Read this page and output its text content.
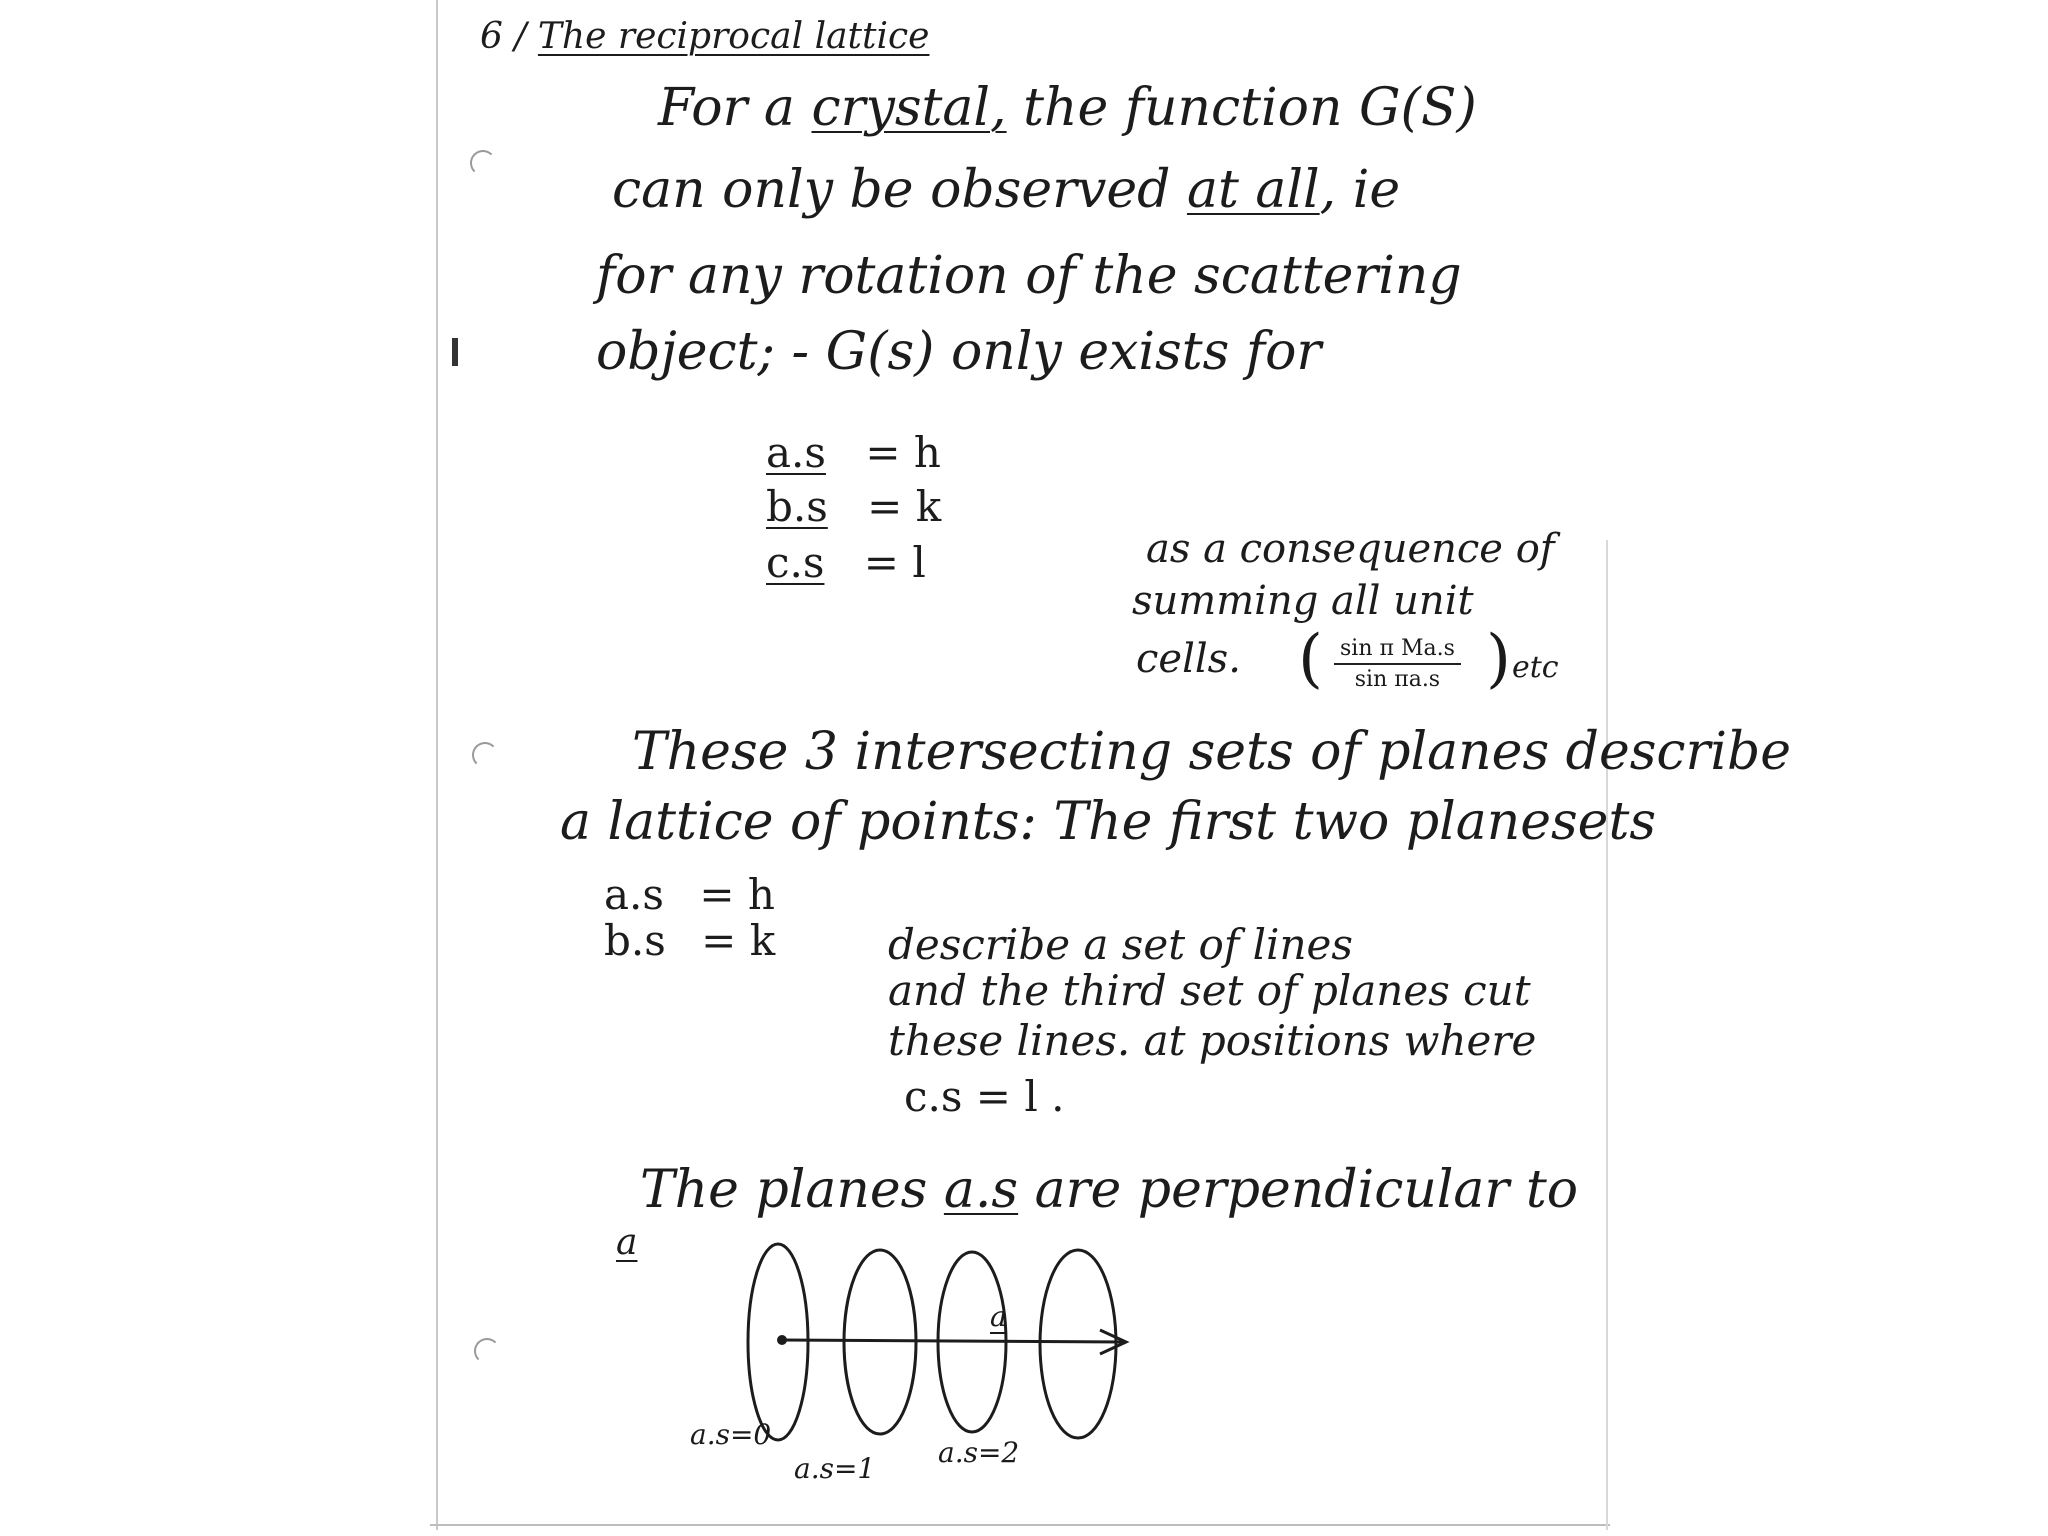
6 / The reciprocal lattice
For a crystal, the function G(S)
can only be observed at all, ie
for any rotation of the scattering
object; - G(s) only exists for
a.s = h
b.s = k
c.s = l	as a consequence of
summing all unit
cells. ( $\frac{\text{sin π Ma.s}}{\text{sin πa.s}}$ ) etc
These 3 intersecting sets of planes describe
a lattice of points: The first two planesets
a.s = h
b.s = k	describe a set of lines
and the third set of planes cut
these lines. at positions where
c.s = l .
The planes a.s are perpendicular to
a
a
a.s=0
a.s=1 a.s=2
